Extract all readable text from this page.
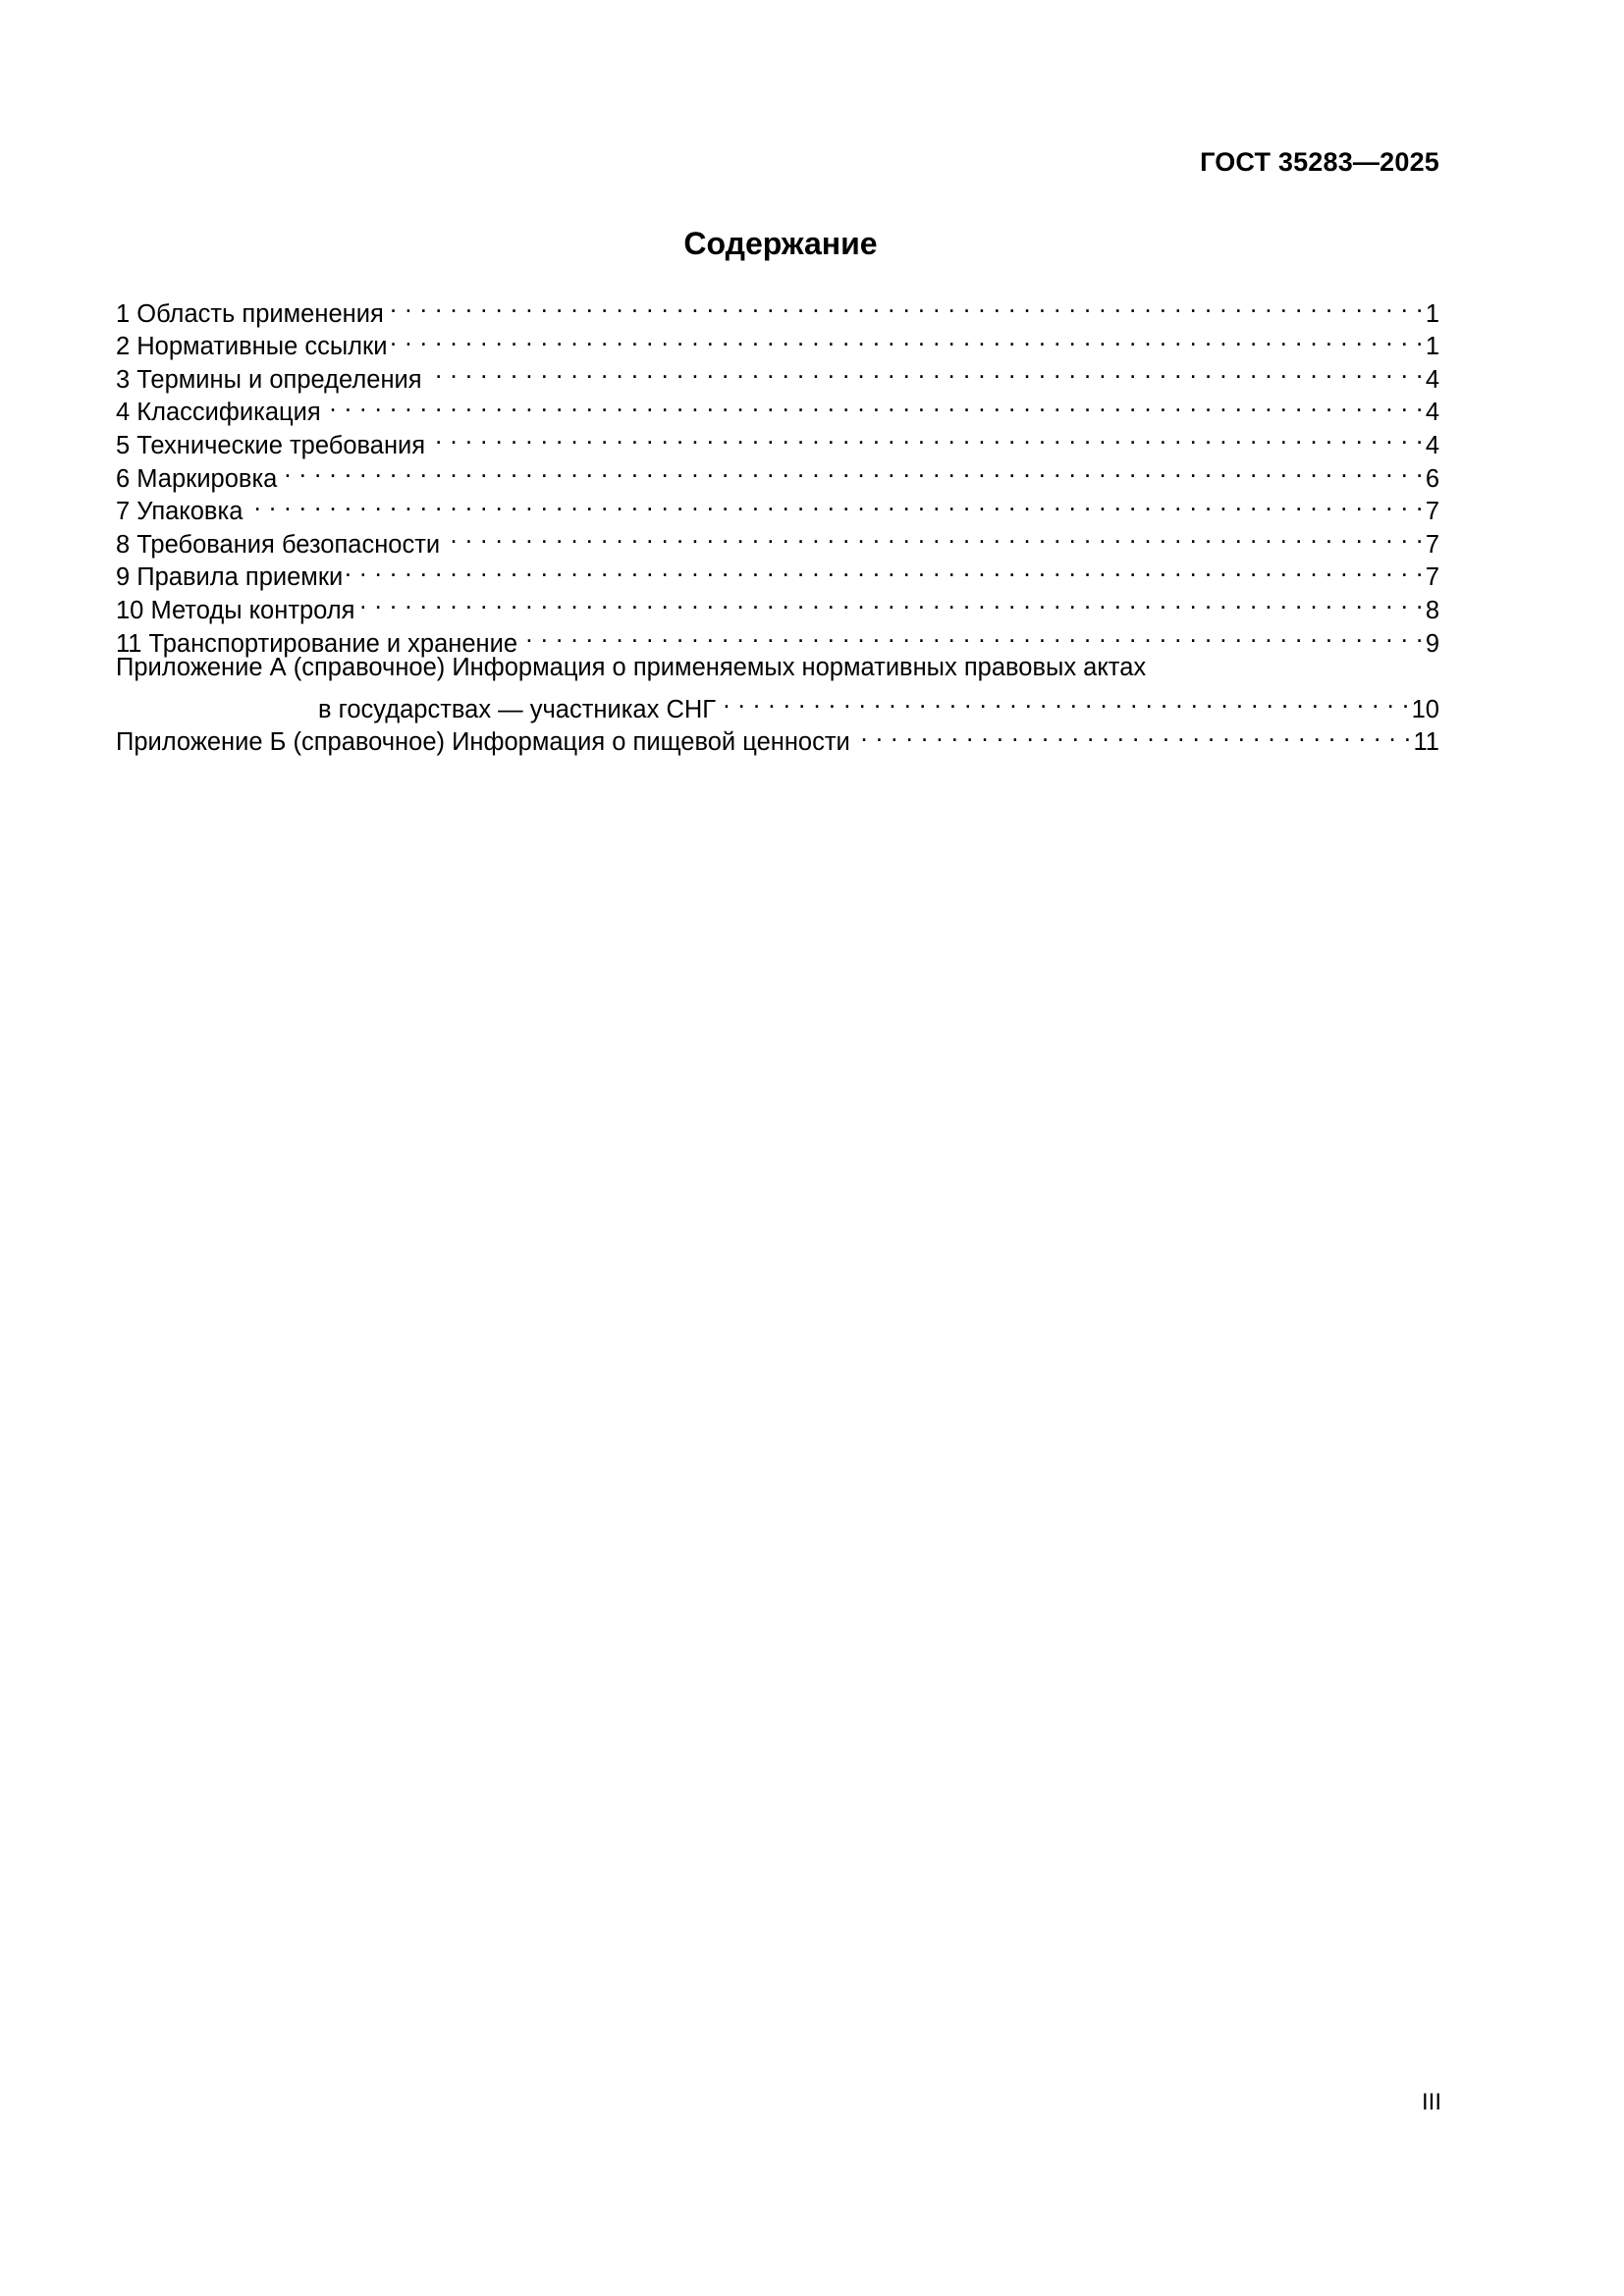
ГОСТ 35283—2025
Содержание
1 Область применения . . .	1
2 Нормативные ссылки . . .	1
3 Термины и определения . . .	4
4 Классификация . . .	4
5 Технические требования . . .	4
6 Маркировка . . .	6
7 Упаковка . . .	7
8 Требования безопасности . . .	7
9 Правила приемки . . .	7
10 Методы контроля . . .	8
11 Транспортирование и хранение . . .	9
Приложение А (справочное) Информация о применяемых нормативных правовых актах
в государствах — участниках СНГ . . .	10
Приложение Б (справочное) Информация о пищевой ценности . . .	11
III
